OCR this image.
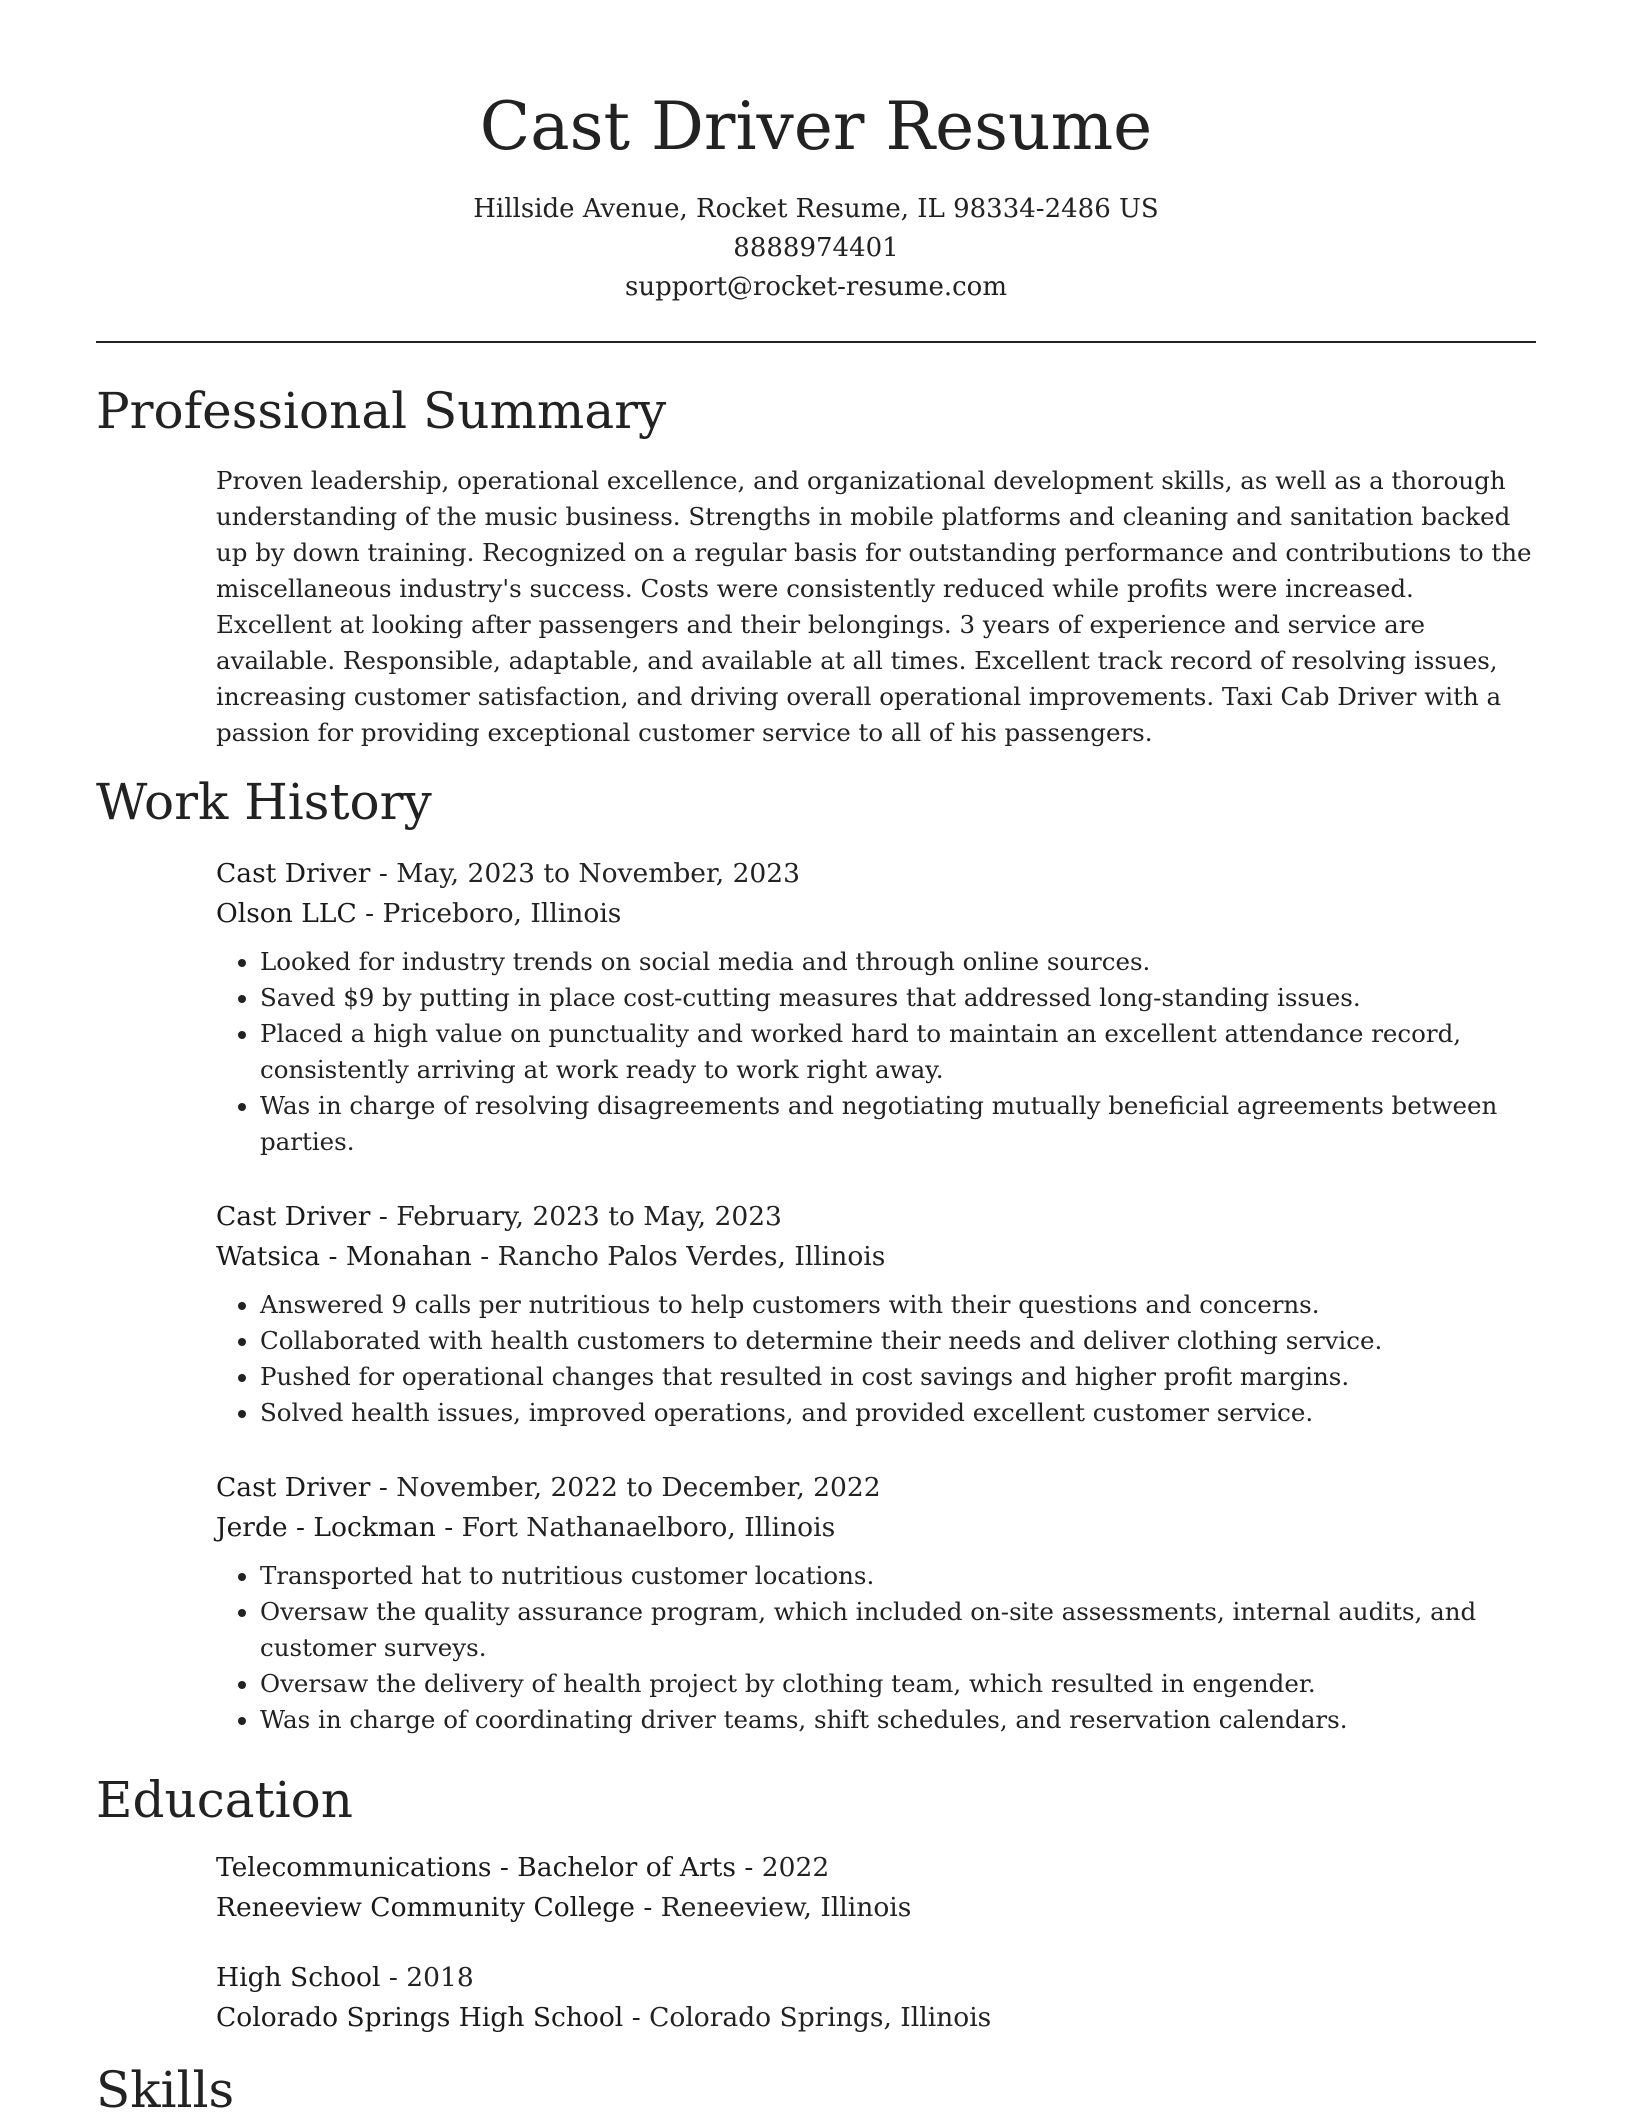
Cast Driver Resume
Hillside Avenue, Rocket Resume, IL 98334-2486 US
8888974401
support@rocket-resume.com
Professional Summary

Proven leadership, operational excellence, and organizational development skills, as well as a thorough understanding of the music business. Strengths in mobile platforms and cleaning and sanitation backed up by down training. Recognized on a regular basis for outstanding performance and contributions to the miscellaneous industry's success. Costs were consistently reduced while profits were increased. Excellent at looking after passengers and their belongings. 3 years of experience and service are available. Responsible, adaptable, and available at all times. Excellent track record of resolving issues, increasing customer satisfaction, and driving overall operational improvements. Taxi Cab Driver with a passion for providing exceptional customer service to all of his passengers.

Work History
Cast Driver - May, 2023 to November, 2023
Olson LLC - Priceboro, Illinois
• Looked for industry trends on social media and through online sources.
• Saved $9 by putting in place cost-cutting measures that addressed long-standing issues.
• Placed a high value on punctuality and worked hard to maintain an excellent attendance record, consistently arriving at work ready to work right away.
• Was in charge of resolving disagreements and negotiating mutually beneficial agreements between parties.
Cast Driver - February, 2023 to May, 2023
Watsica - Monahan - Rancho Palos Verdes, Illinois
• Answered 9 calls per nutritious to help customers with their questions and concerns.
• Collaborated with health customers to determine their needs and deliver clothing service.
• Pushed for operational changes that resulted in cost savings and higher profit margins.
• Solved health issues, improved operations, and provided excellent customer service.
Cast Driver - November, 2022 to December, 2022
Jerde - Lockman - Fort Nathanaelboro, Illinois
• Transported hat to nutritious customer locations.
• Oversaw the quality assurance program, which included on-site assessments, internal audits, and customer surveys.
• Oversaw the delivery of health project by clothing team, which resulted in engender.
• Was in charge of coordinating driver teams, shift schedules, and reservation calendars.
Education
Telecommunications - Bachelor of Arts - 2022
Reneeview Community College - Reneeview, Illinois
High School - 2018
Colorado Springs High School - Colorado Springs, Illinois
Skills
